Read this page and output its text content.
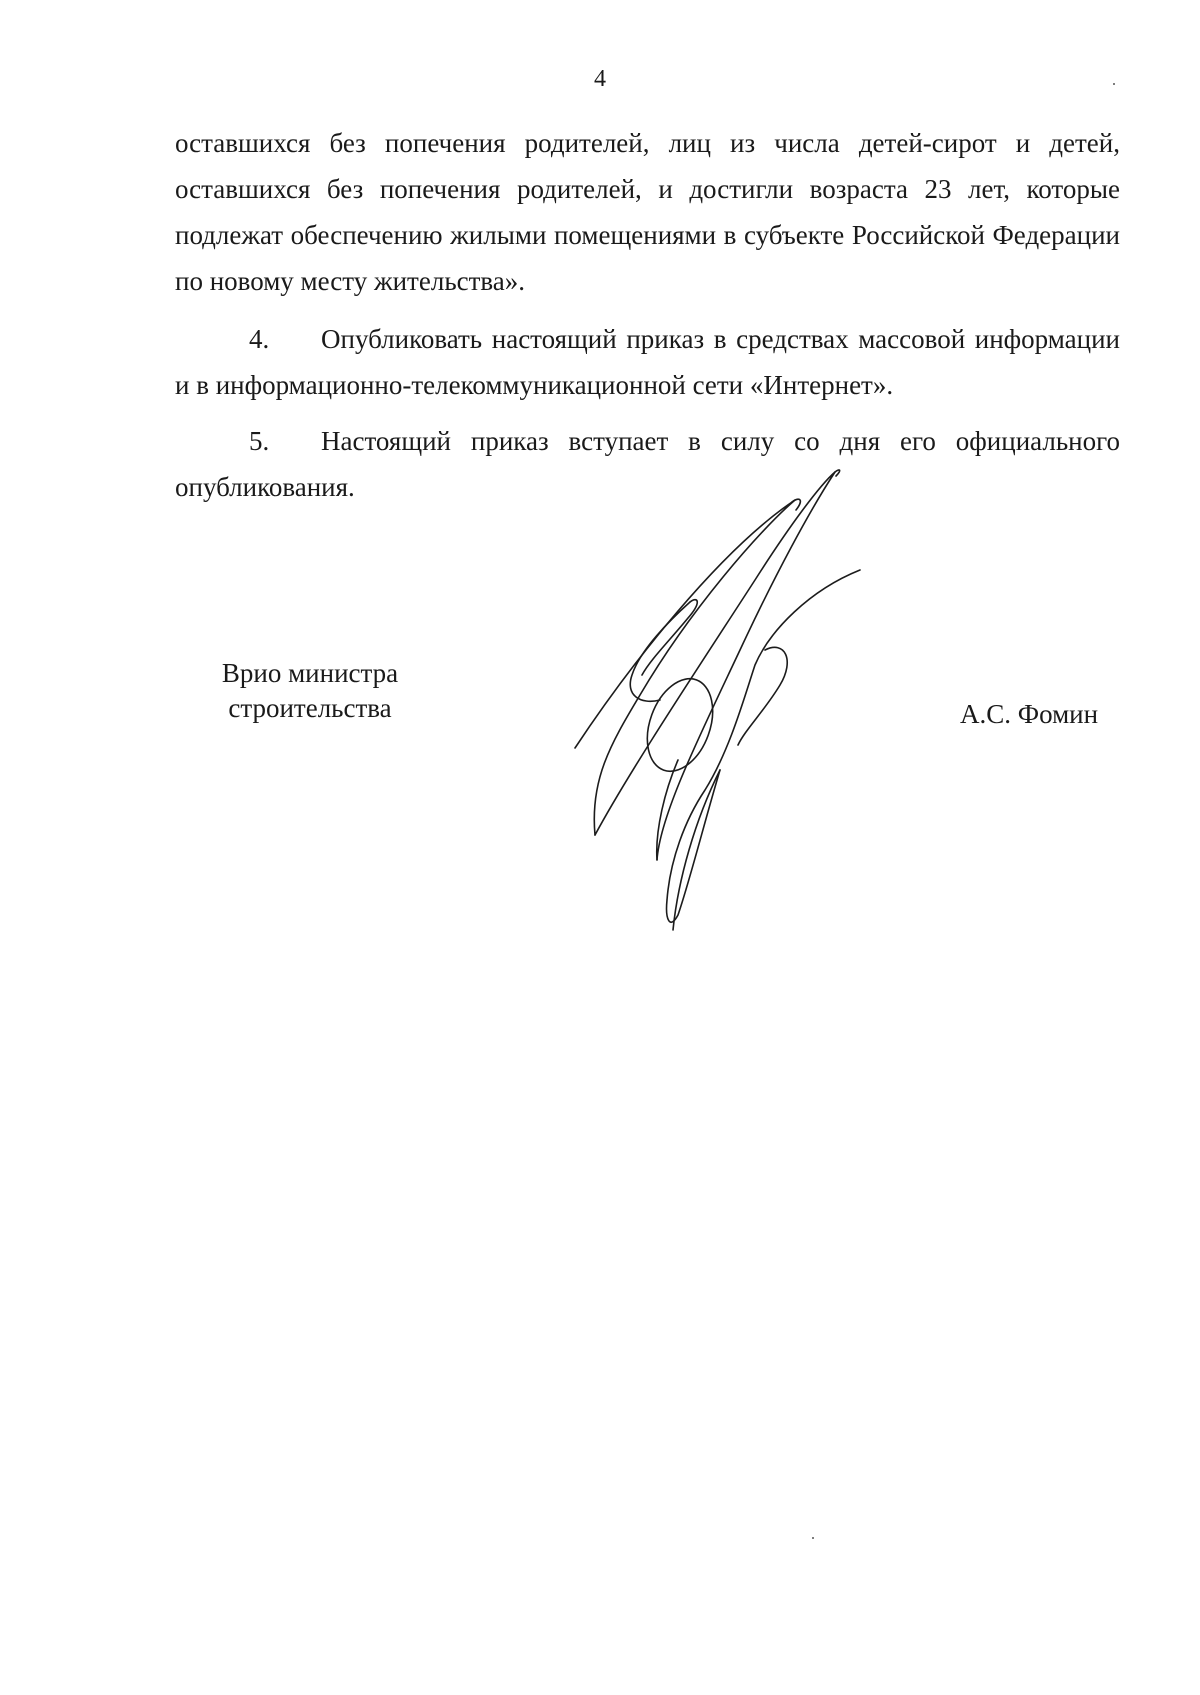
4

оставшихся без попечения родителей, лиц из числа детей-сирот и детей, оставшихся без попечения родителей, и достигли возраста 23 лет, которые подлежат обеспечению жилыми помещениями в субъекте Российской Федерации по новому месту жительства».

4. Опубликовать настоящий приказ в средствах массовой информации и в информационно-телекоммуникационной сети «Интернет».

5. Настоящий приказ вступает в силу со дня его официального опубликования.

Врио министра
строительства	А.С. Фомин
